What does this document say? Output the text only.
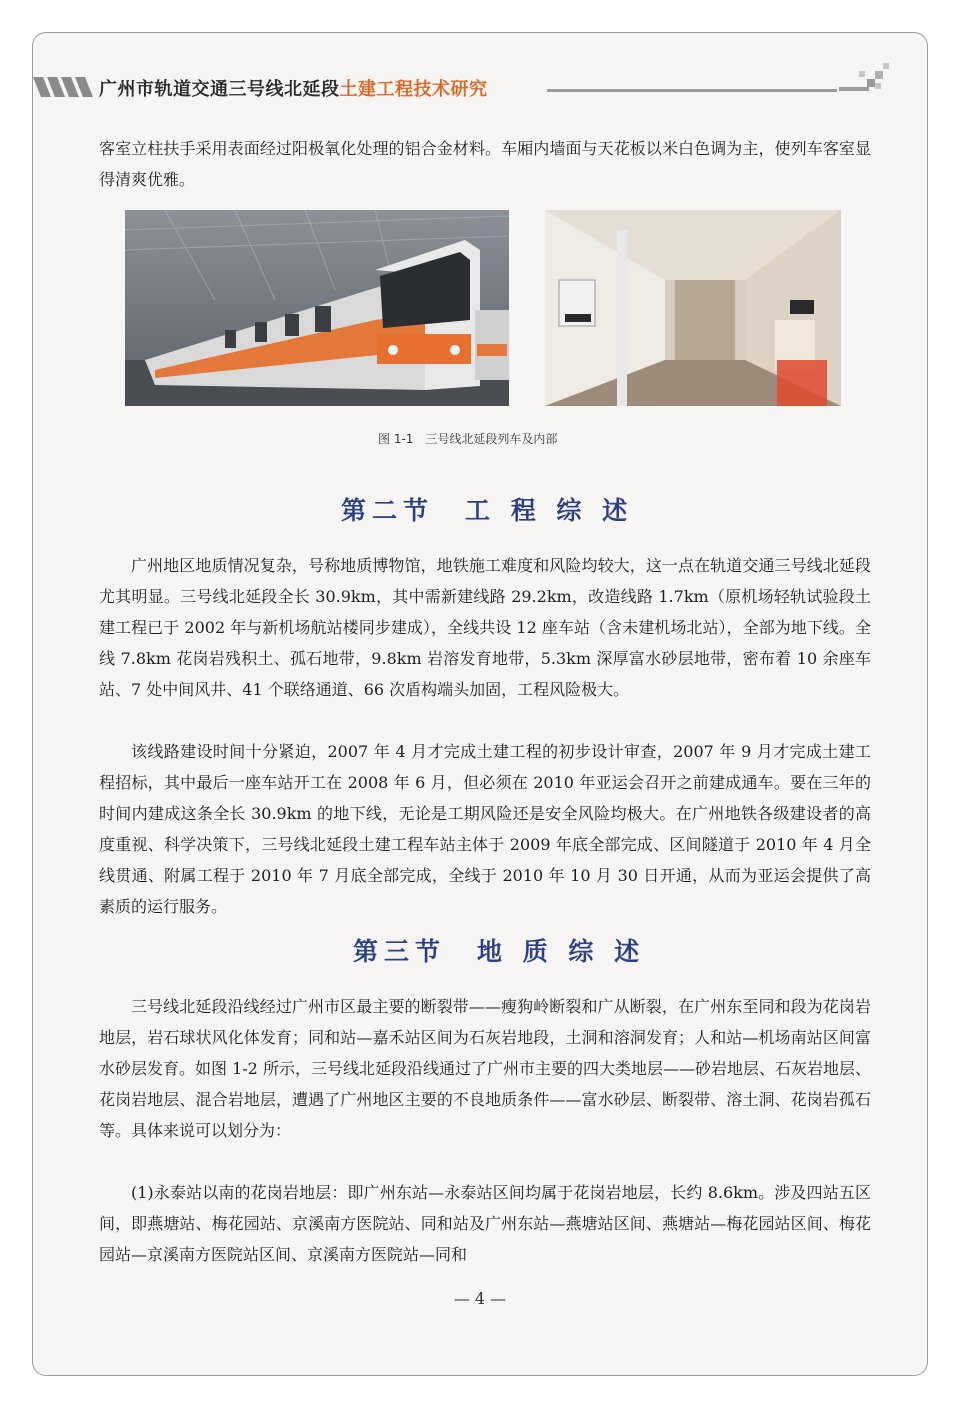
广州市轨道交通三号线北延段土建工程技术研究
客室立柱扶手采用表面经过阳极氧化处理的铝合金材料。车厢内墙面与天花板以米白色调为主，使列车客室显得清爽优雅。
图 1-1　三号线北延段列车及内部
第二节　工 程 综 述
广州地区地质情况复杂，号称地质博物馆，地铁施工难度和风险均较大，这一点在轨道交通三号线北延段尤其明显。三号线北延段全长 30.9km，其中需新建线路 29.2km，改造线路 1.7km（原机场轻轨试验段土建工程已于 2002 年与新机场航站楼同步建成），全线共设 12 座车站（含未建机场北站），全部为地下线。全线 7.8km 花岗岩残积土、孤石地带，9.8km 岩溶发育地带，5.3km 深厚富水砂层地带，密布着 10 余座车站、7 处中间风井、41 个联络通道、66 次盾构端头加固，工程风险极大。
该线路建设时间十分紧迫，2007 年 4 月才完成土建工程的初步设计审查，2007 年 9 月才完成土建工程招标，其中最后一座车站开工在 2008 年 6 月，但必须在 2010 年亚运会召开之前建成通车。要在三年的时间内建成这条全长 30.9km 的地下线，无论是工期风险还是安全风险均极大。在广州地铁各级建设者的高度重视、科学决策下，三号线北延段土建工程车站主体于 2009 年底全部完成、区间隧道于 2010 年 4 月全线贯通、附属工程于 2010 年 7 月底全部完成，全线于 2010 年 10 月 30 日开通，从而为亚运会提供了高素质的运行服务。
第三节　地 质 综 述
三号线北延段沿线经过广州市区最主要的断裂带——瘦狗岭断裂和广从断裂，在广州东至同和段为花岗岩地层，岩石球状风化体发育；同和站—嘉禾站区间为石灰岩地段，土洞和溶洞发育；人和站—机场南站区间富水砂层发育。如图 1-2 所示，三号线北延段沿线通过了广州市主要的四大类地层——砂岩地层、石灰岩地层、花岗岩地层、混合岩地层，遭遇了广州地区主要的不良地质条件——富水砂层、断裂带、溶土洞、花岗岩孤石等。具体来说可以划分为：
(1)永泰站以南的花岗岩地层：即广州东站—永泰站区间均属于花岗岩地层，长约 8.6km。涉及四站五区间，即燕塘站、梅花园站、京溪南方医院站、同和站及广州东站—燕塘站区间、燕塘站—梅花园站区间、梅花园站—京溪南方医院站区间、京溪南方医院站—同和
— 4 —
